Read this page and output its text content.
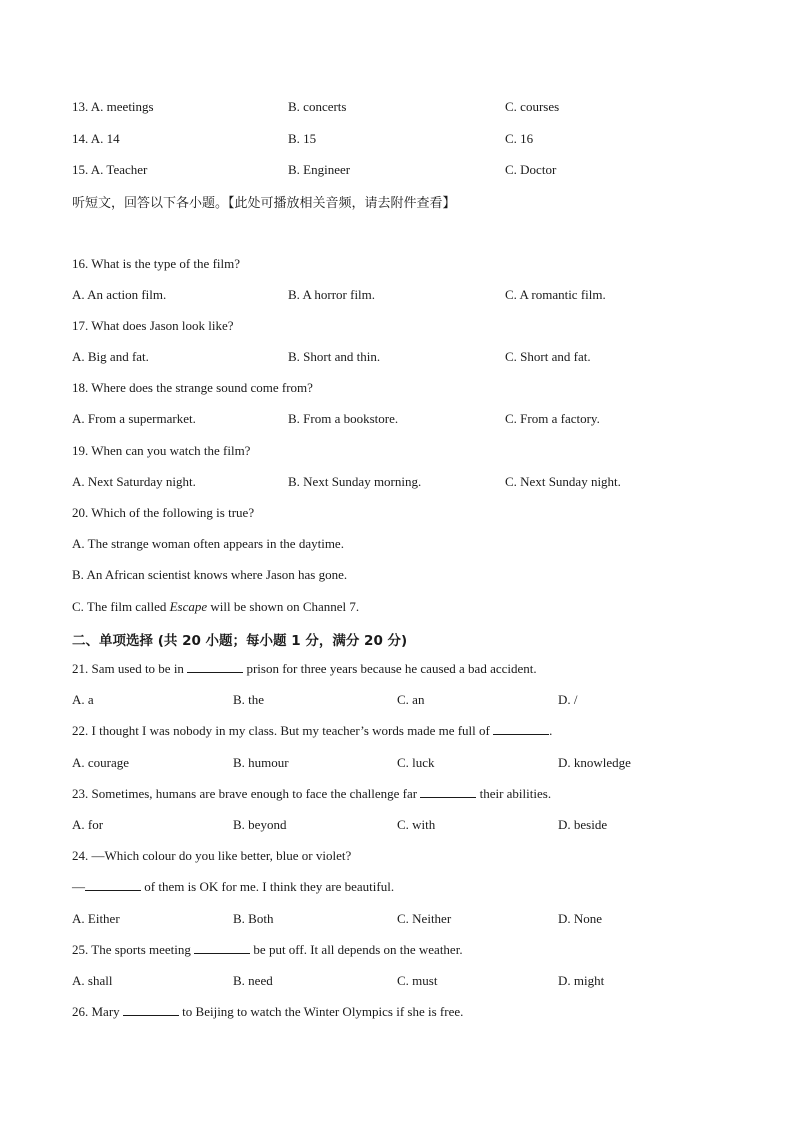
13. A. meetings	B. concerts	C. courses
14. A. 14	B. 15	C. 16
15. A. Teacher	B. Engineer	C. Doctor
听短文，回答以下各小题。【此处可播放相关音频，请去附件查看】
16. What is the type of the film?
A. An action film.	B. A horror film.	C. A romantic film.
17. What does Jason look like?
A. Big and fat.	B. Short and thin.	C. Short and fat.
18. Where does the strange sound come from?
A. From a supermarket.	B. From a bookstore.	C. From a factory.
19. When can you watch the film?
A. Next Saturday night.	B. Next Sunday morning.	C. Next Sunday night.
20. Which of the following is true?
A. The strange woman often appears in the daytime.
B. An African scientist knows where Jason has gone.
C. The film called Escape will be shown on Channel 7.
二、单项选择 (共 20 小题；每小题 1 分，满分 20 分)
21. Sam used to be in	prison for three years because he caused a bad accident.
A. a	B. the	C. an	D. /
22. I thought I was nobody in my class. But my teacher’s words made me full of	.
A. courage	B. humour	C. luck	D. knowledge
23. Sometimes, humans are brave enough to face the challenge far	their abilities.
A. for	B. beyond	C. with	D. beside
24. —Which colour do you like better, blue or violet?
—	of them is OK for me. I think they are beautiful.
A. Either	B. Both	C. Neither	D. None
25. The sports meeting	be put off. It all depends on the weather.
A. shall	B. need	C. must	D. might
26. Mary	to Beijing to watch the Winter Olympics if she is free.
